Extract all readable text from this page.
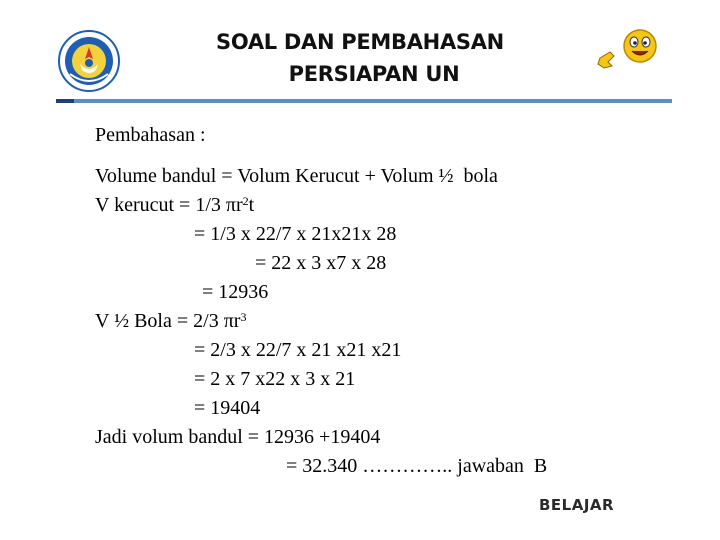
SOAL DAN PEMBAHASAN
PERSIAPAN UN
Pembahasan :
Volume bandul = Volum Kerucut + Volum ½  bola
V kerucut = 1/3 $\pi r^2t$
= 1/3 x 22/7 x 21x21x 28
= 22 x 3 x7 x 28
= 12936
V ½ Bola = 2/3 $\pi r^3$
= 2/3 x 22/7 x 21 x21 x21
= 2 x 7 x22 x 3 x 21
= 19404
Jadi volum bandul = 12936 +19404
= 32.340 ………….. jawaban  B
BELAJAR
